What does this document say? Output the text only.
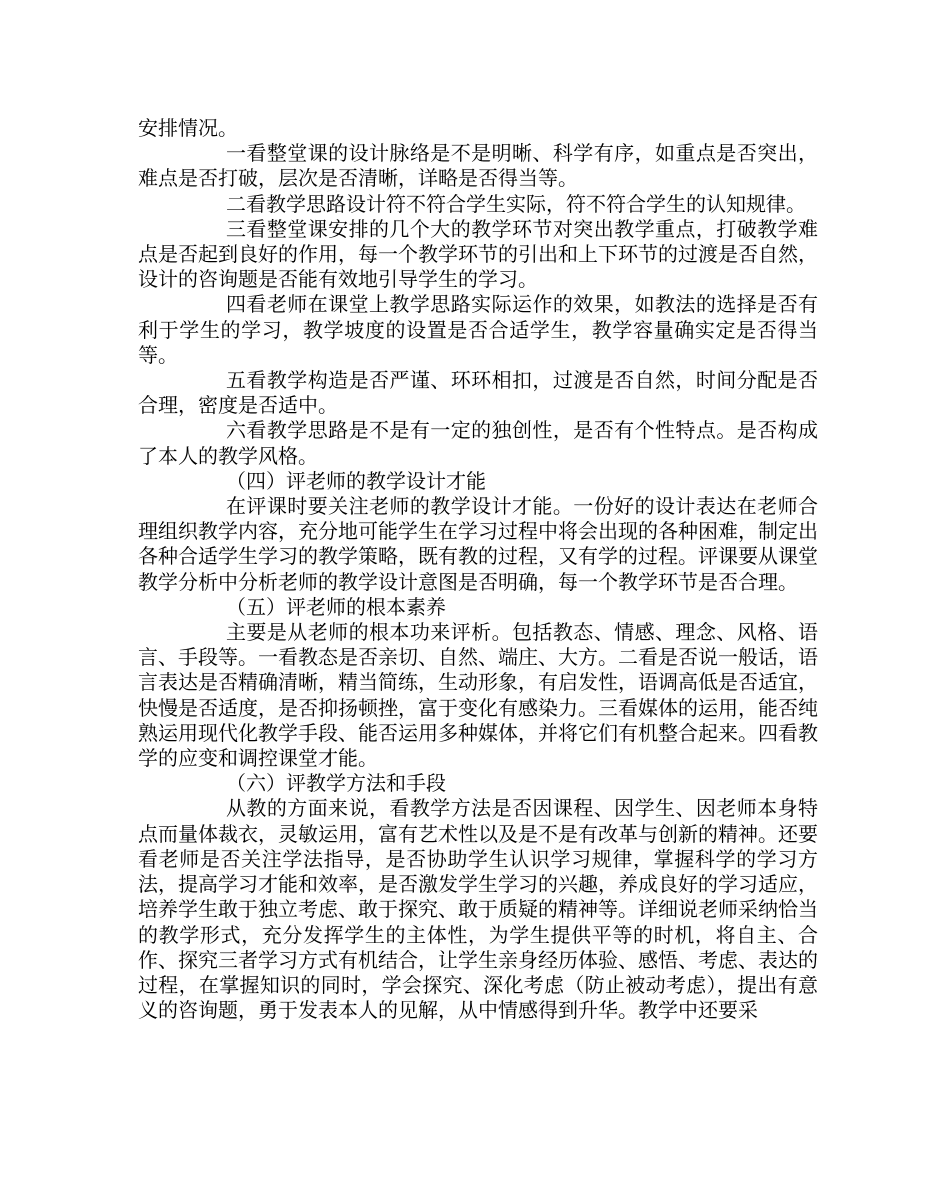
安排情况。

一看整堂课的设计脉络是不是明晰、科学有序，如重点是否突出，难点是否打破，层次是否清晰，详略是否得当等。

二看教学思路设计符不符合学生实际，符不符合学生的认知规律。

三看整堂课安排的几个大的教学环节对突出教学重点，打破教学难点是否起到良好的作用，每一个教学环节的引出和上下环节的过渡是否自然，设计的咨询题是否能有效地引导学生的学习。

四看老师在课堂上教学思路实际运作的效果，如教法的选择是否有利于学生的学习，教学坡度的设置是否合适学生，教学容量确实定是否得当等。

五看教学构造是否严谨、环环相扣，过渡是否自然，时间分配是否合理，密度是否适中。

六看教学思路是不是有一定的独创性，是否有个性特点。是否构成了本人的教学风格。

（四）评老师的教学设计才能

在评课时要关注老师的教学设计才能。一份好的设计表达在老师合理组织教学内容，充分地可能学生在学习过程中将会出现的各种困难，制定出各种合适学生学习的教学策略，既有教的过程，又有学的过程。评课要从课堂教学分析中分析老师的教学设计意图是否明确，每一个教学环节是否合理。

（五）评老师的根本素养

主要是从老师的根本功来评析。包括教态、情感、理念、风格、语言、手段等。一看教态是否亲切、自然、端庄、大方。二看是否说一般话，语言表达是否精确清晰，精当简练，生动形象，有启发性，语调高低是否适宜，快慢是否适度，是否抑扬顿挫，富于变化有感染力。三看媒体的运用，能否纯熟运用现代化教学手段、能否运用多种媒体，并将它们有机整合起来。四看教学的应变和调控课堂才能。

（六）评教学方法和手段

从教的方面来说，看教学方法是否因课程、因学生、因老师本身特点而量体裁衣，灵敏运用，富有艺术性以及是不是有改革与创新的精神。还要看老师是否关注学法指导，是否协助学生认识学习规律，掌握科学的学习方法，提高学习才能和效率，是否激发学生学习的兴趣，养成良好的学习适应，培养学生敢于独立考虑、敢于探究、敢于质疑的精神等。详细说老师采纳恰当的教学形式，充分发挥学生的主体性，为学生提供平等的时机，将自主、合作、探究三者学习方式有机结合，让学生亲身经历体验、感悟、考虑、表达的过程，在掌握知识的同时，学会探究、深化考虑（防止被动考虑），提出有意义的咨询题，勇于发表本人的见解，从中情感得到升华。教学中还要采
